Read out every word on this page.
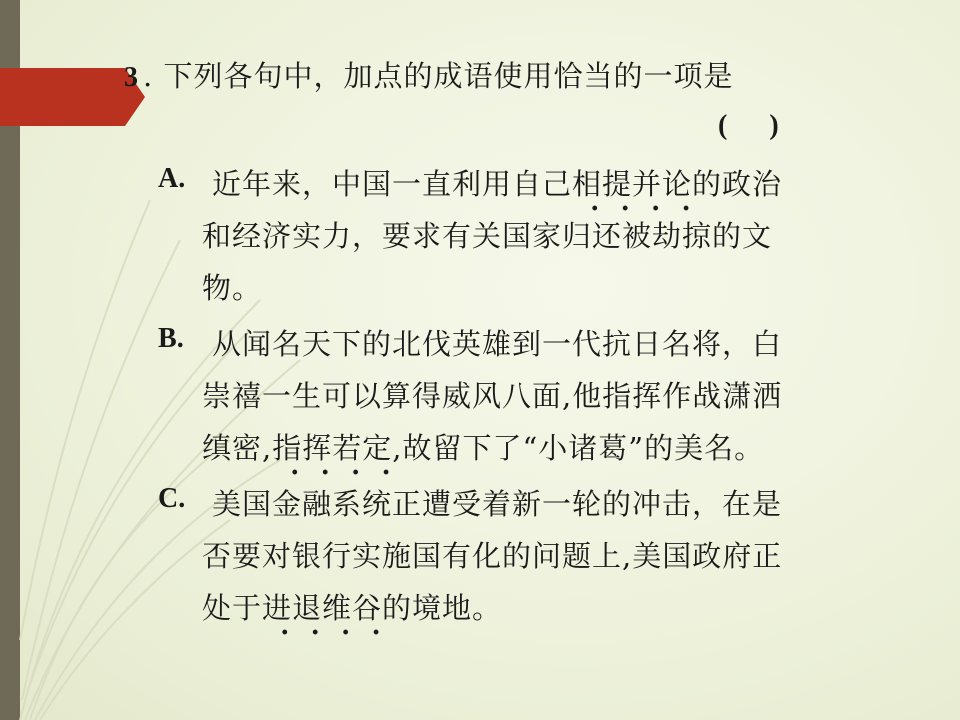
3 . 下列各句中，加点的成语使用恰当的一项是
(      )
A. 近年来，中国一直利用自己相提并论的政治
和经济实力，要求有关国家归还被劫掠的文
物。
B. 从闻名天下的北伐英雄到一代抗日名将，白
崇禧一生可以算得威风八面,他指挥作战潇洒
缜密,指挥若定,故留下了“小诸葛”的美名。
C. 美国金融系统正遭受着新一轮的冲击，在是
否要对银行实施国有化的问题上,美国政府正
处于进退维谷的境地。
